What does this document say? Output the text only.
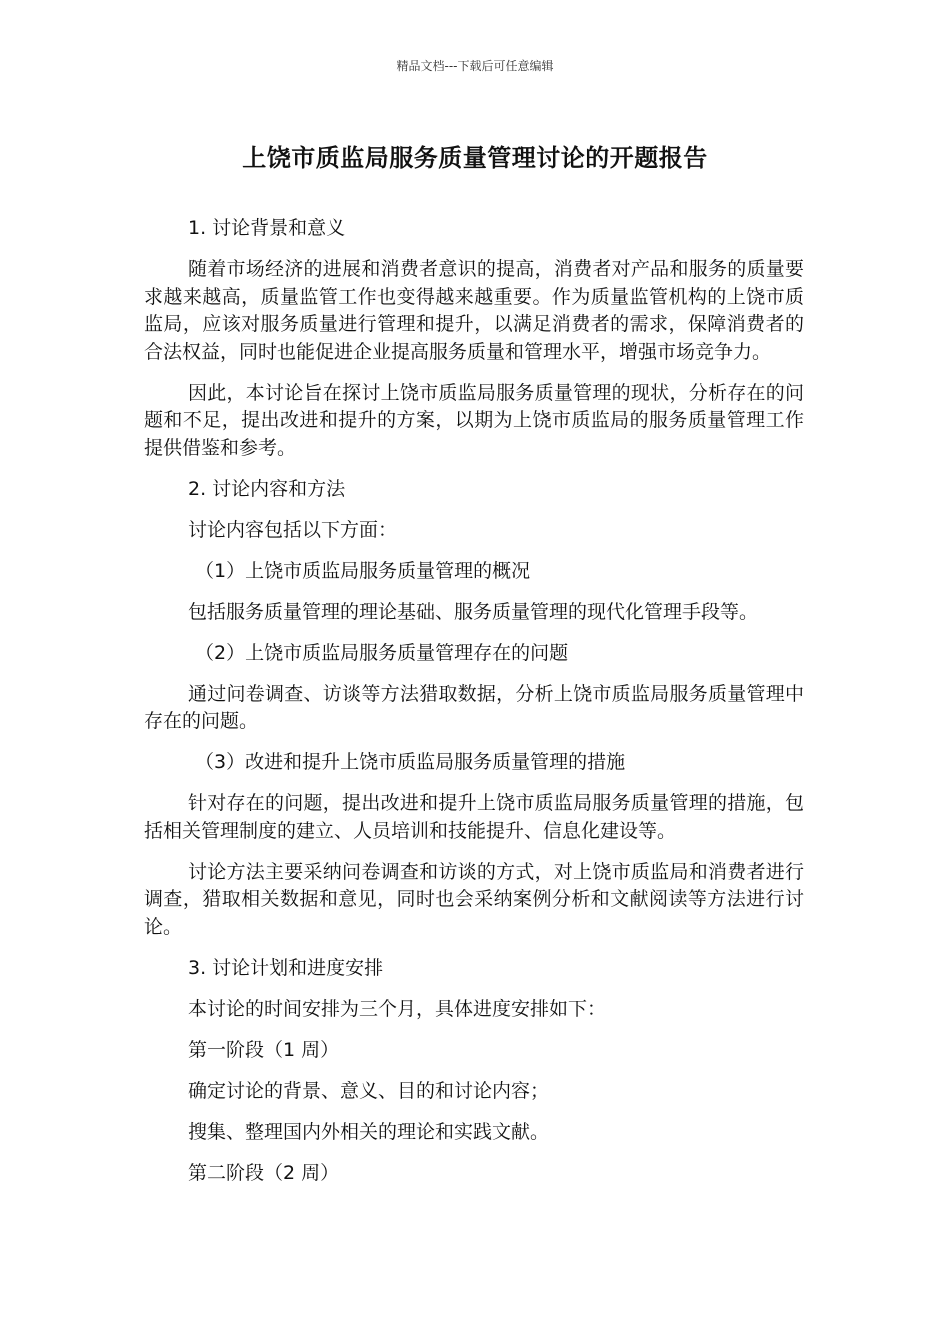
精品文档---下载后可任意编辑
上饶市质监局服务质量管理讨论的开题报告

1. 讨论背景和意义

随着市场经济的进展和消费者意识的提高，消费者对产品和服务的质量要求越来越高，质量监管工作也变得越来越重要。作为质量监管机构的上饶市质监局，应该对服务质量进行管理和提升，以满足消费者的需求，保障消费者的合法权益，同时也能促进企业提高服务质量和管理水平，增强市场竞争力。

因此，本讨论旨在探讨上饶市质监局服务质量管理的现状，分析存在的问题和不足，提出改进和提升的方案，以期为上饶市质监局的服务质量管理工作提供借鉴和参考。

2. 讨论内容和方法

讨论内容包括以下方面：

（1）上饶市质监局服务质量管理的概况

包括服务质量管理的理论基础、服务质量管理的现代化管理手段等。

（2）上饶市质监局服务质量管理存在的问题

通过问卷调查、访谈等方法猎取数据，分析上饶市质监局服务质量管理中存在的问题。

（3）改进和提升上饶市质监局服务质量管理的措施

针对存在的问题，提出改进和提升上饶市质监局服务质量管理的措施，包括相关管理制度的建立、人员培训和技能提升、信息化建设等。

讨论方法主要采纳问卷调查和访谈的方式，对上饶市质监局和消费者进行调查，猎取相关数据和意见，同时也会采纳案例分析和文献阅读等方法进行讨论。

3. 讨论计划和进度安排

本讨论的时间安排为三个月，具体进度安排如下：

第一阶段（1 周）

确定讨论的背景、意义、目的和讨论内容；

搜集、整理国内外相关的理论和实践文献。

第二阶段（2 周）
